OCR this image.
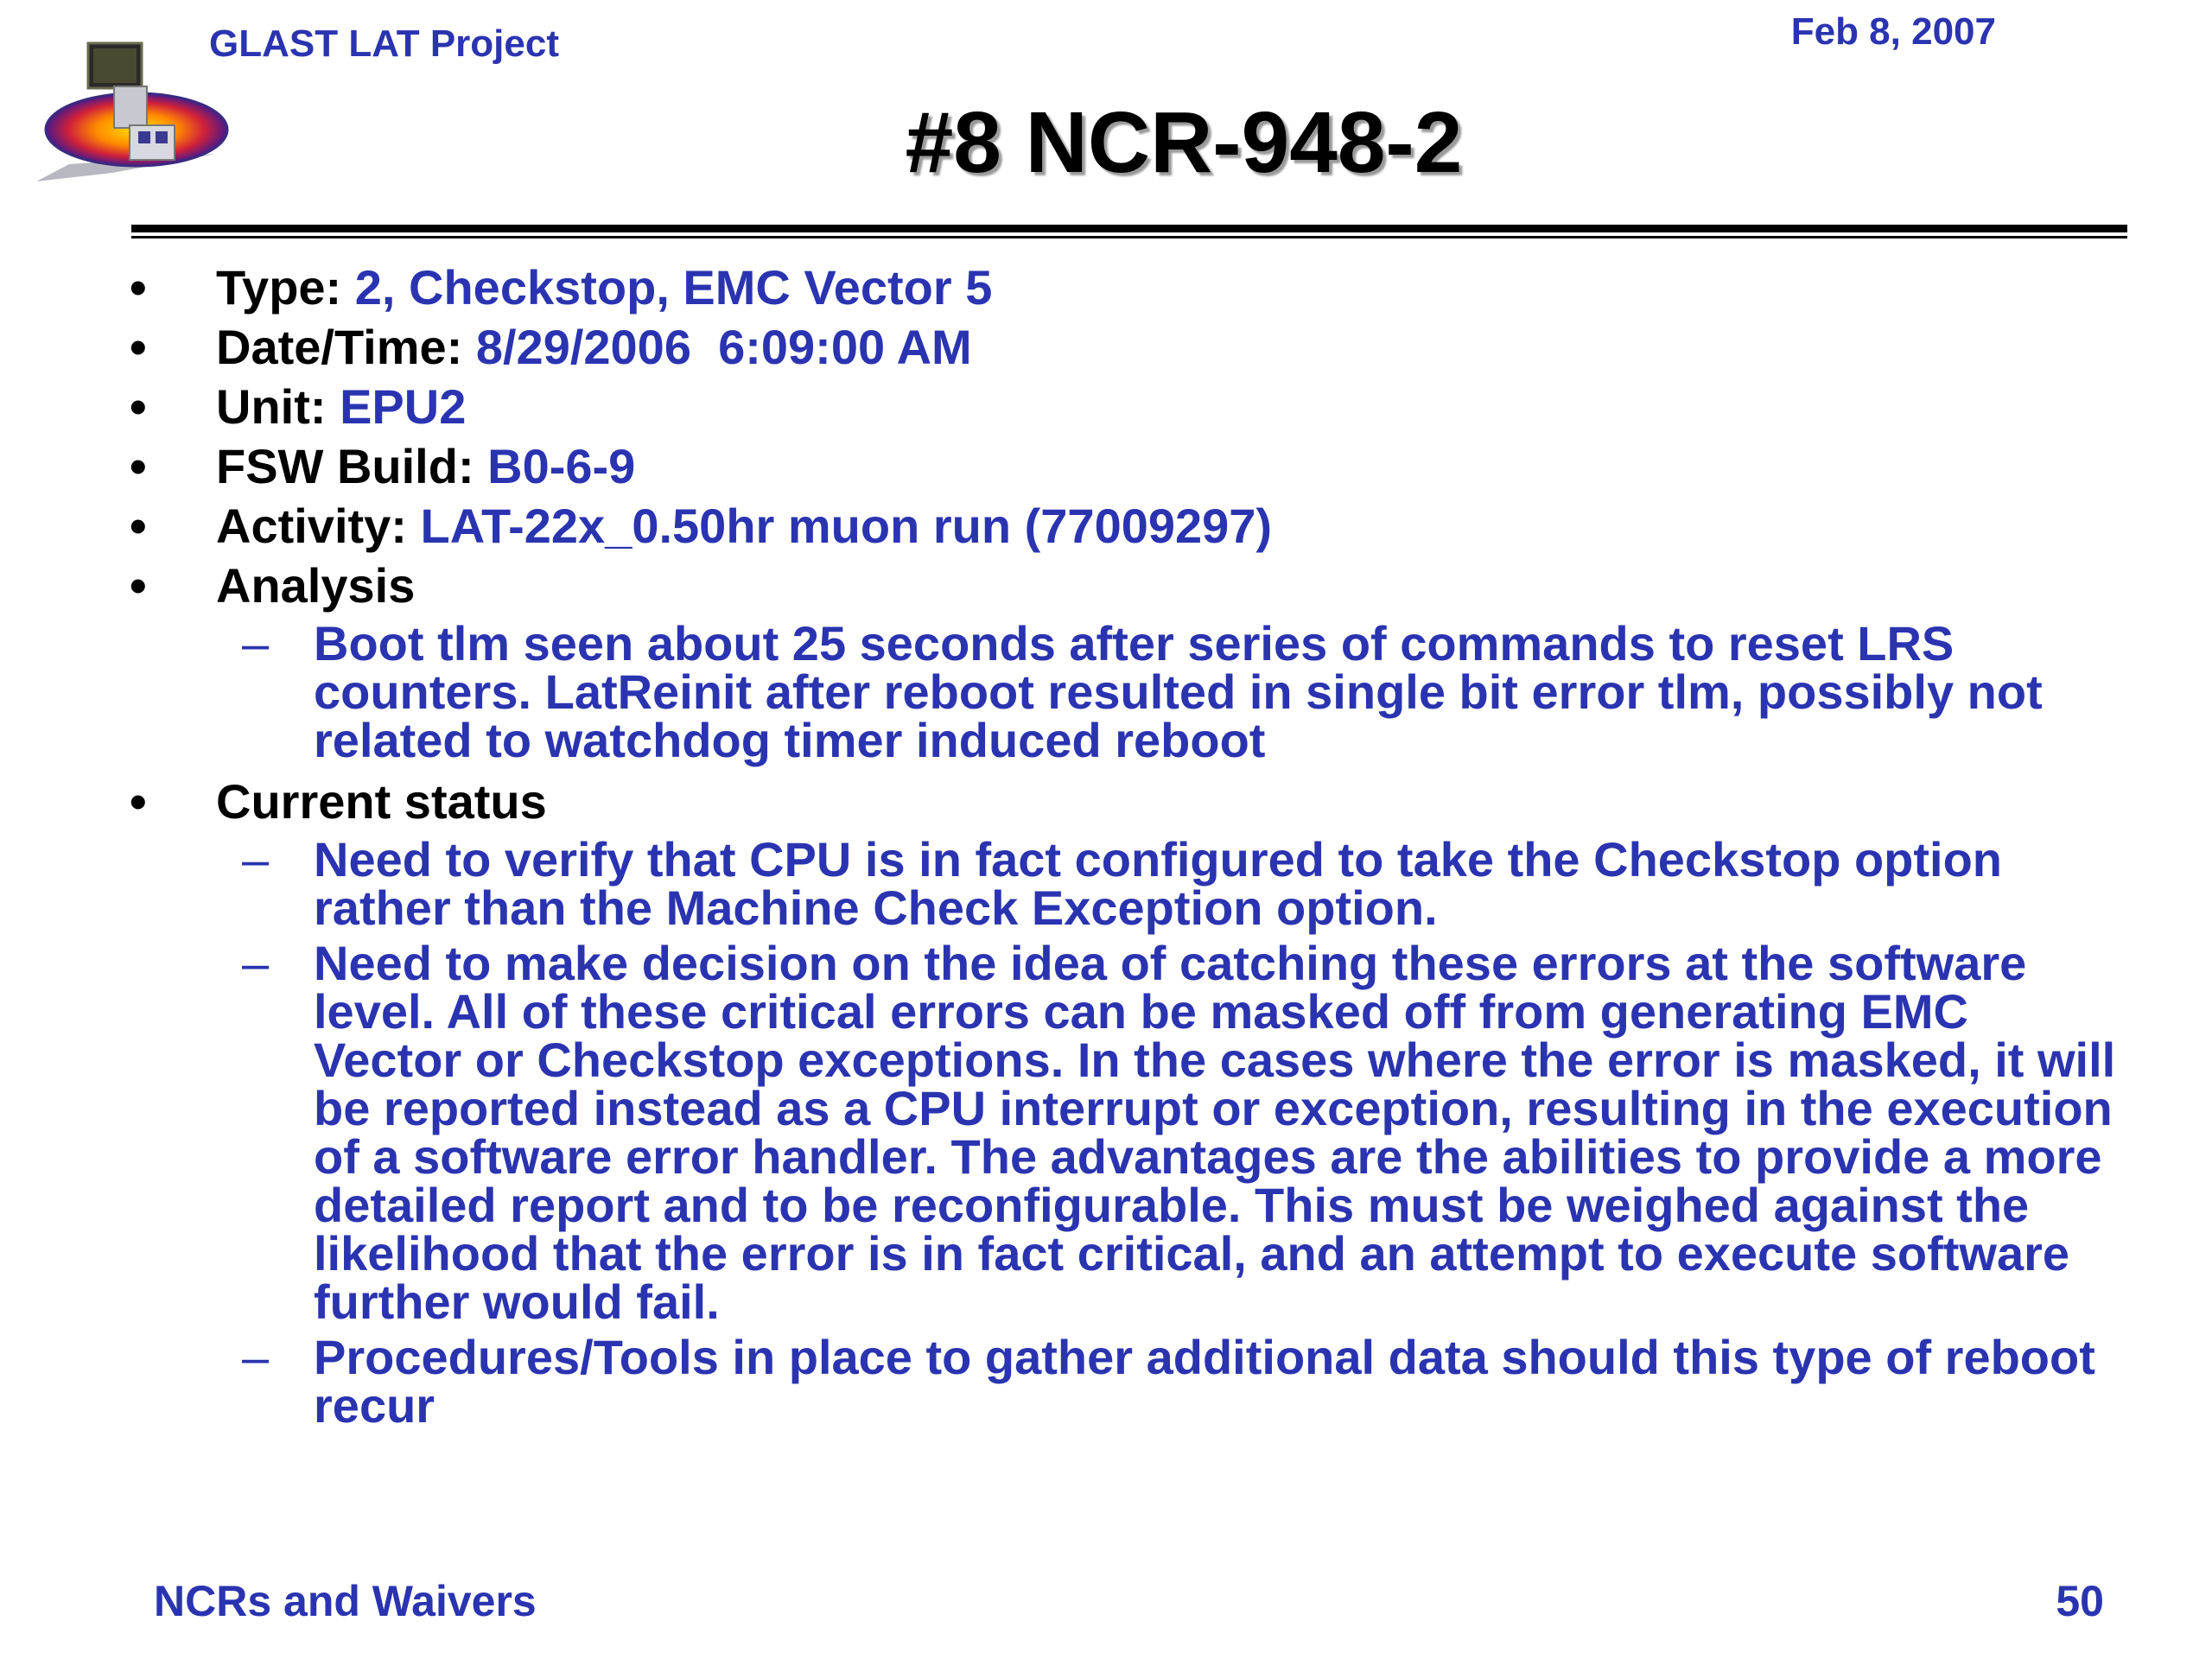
GLAST LAT Project	Feb 8, 2007
#8 NCR-948-2
• Type: 2, Checkstop, EMC Vector 5
• Date/Time: 8/29/2006  6:09:00 AM
• Unit: EPU2
• FSW Build: B0-6-9
• Activity: LAT-22x_0.50hr muon run (77009297)
• Analysis
– Boot tlm seen about 25 seconds after series of commands to reset LRS counters. LatReinit after reboot resulted in single bit error tlm, possibly not related to watchdog timer induced reboot
• Current status
– Need to verify that CPU is in fact configured to take the Checkstop option rather than the Machine Check Exception option.
– Need to make decision on the idea of catching these errors at the software level. All of these critical errors can be masked off from generating EMC Vector or Checkstop exceptions. In the cases where the error is masked, it will be reported instead as a CPU interrupt or exception, resulting in the execution of a software error handler. The advantages are the abilities to provide a more detailed report and to be reconfigurable. This must be weighed against the likelihood that the error is in fact critical, and an attempt to execute software further would fail.
– Procedures/Tools in place to gather additional data should this type of reboot recur
NCRs and Waivers	50
